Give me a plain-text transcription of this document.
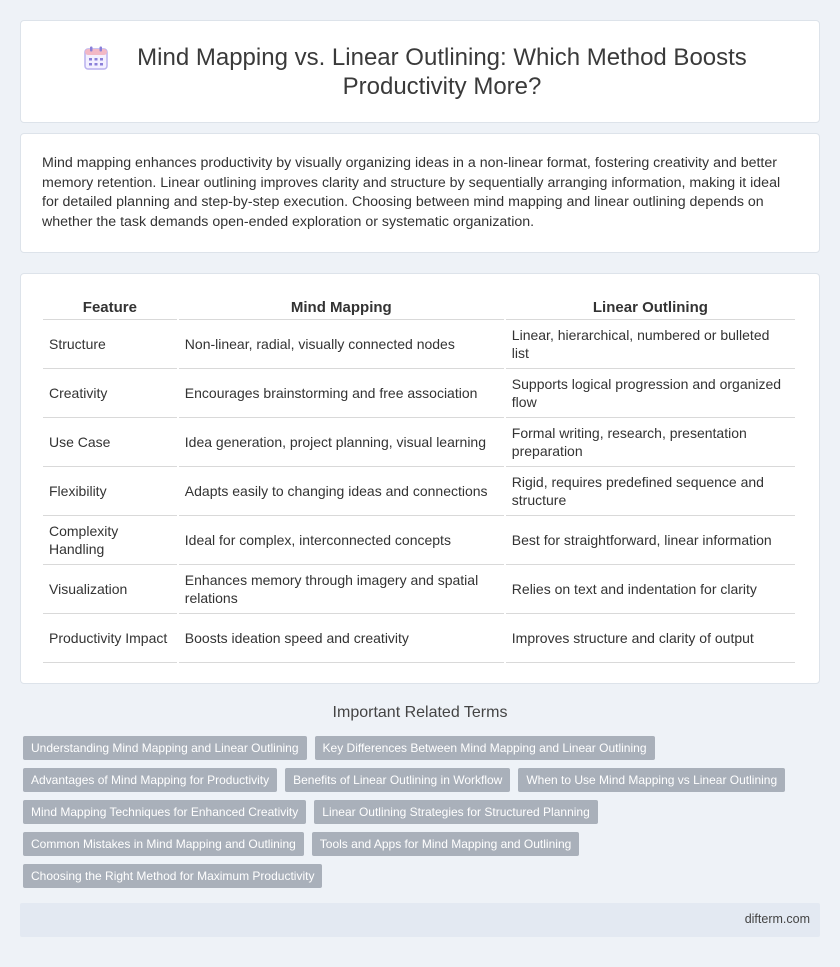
Mind Mapping vs. Linear Outlining: Which Method Boosts Productivity More?

Mind mapping enhances productivity by visually organizing ideas in a non-linear format, fostering creativity and better memory retention. Linear outlining improves clarity and structure by sequentially arranging information, making it ideal for detailed planning and step-by-step execution. Choosing between mind mapping and linear outlining depends on whether the task demands open-ended exploration or systematic organization.

Feature	Mind Mapping	Linear Outlining
Structure	Non-linear, radial, visually connected nodes	Linear, hierarchical, numbered or bulleted list
Creativity	Encourages brainstorming and free association	Supports logical progression and organized flow
Use Case	Idea generation, project planning, visual learning	Formal writing, research, presentation preparation
Flexibility	Adapts easily to changing ideas and connections	Rigid, requires predefined sequence and structure
Complexity Handling	Ideal for complex, interconnected concepts	Best for straightforward, linear information
Visualization	Enhances memory through imagery and spatial relations	Relies on text and indentation for clarity
Productivity Impact	Boosts ideation speed and creativity	Improves structure and clarity of output
Important Related Terms
Understanding Mind Mapping and Linear Outlining	Key Differences Between Mind Mapping and Linear Outlining
Advantages of Mind Mapping for Productivity	Benefits of Linear Outlining in Workflow	When to Use Mind Mapping vs Linear Outlining
Mind Mapping Techniques for Enhanced Creativity	Linear Outlining Strategies for Structured Planning
Common Mistakes in Mind Mapping and Outlining	Tools and Apps for Mind Mapping and Outlining
Choosing the Right Method for Maximum Productivity
difterm.com
